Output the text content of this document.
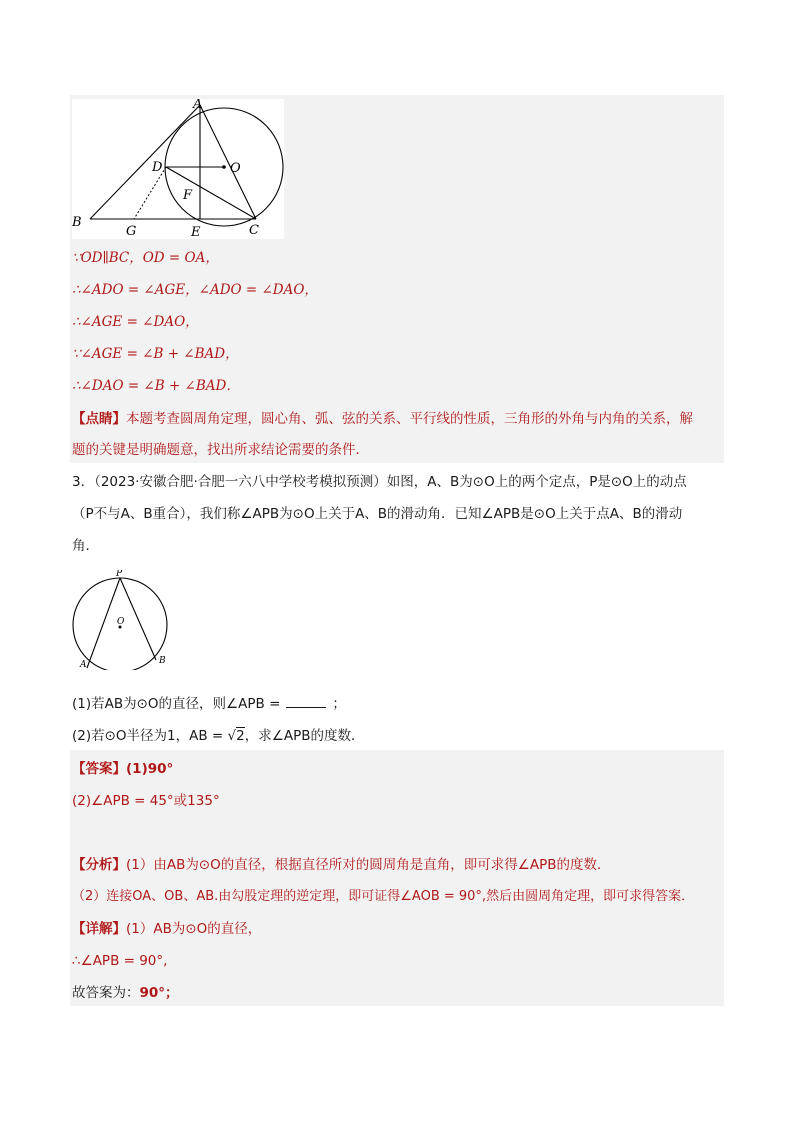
A
D	O
F
B
G	E	C
∵OD∥BC，OD = OA，
∴∠ADO = ∠AGE，∠ADO = ∠DAO，
∴∠AGE = ∠DAO，
∵∠AGE = ∠B + ∠BAD，
∴∠DAO = ∠B + ∠BAD．
【点睛】本题考查圆周角定理，圆心角、弧、弦的关系、平行线的性质，三角形的外角与内角的关系，解
题的关键是明确题意，找出所求结论需要的条件．
3．（2023·安徽合肥·合肥一六八中学校考模拟预测）如图，A、B为⊙O上的两个定点，P是⊙O上的动点
（P不与A、B重合），我们称∠APB为⊙O上关于A、B的滑动角．已知∠APB是⊙O上关于点A、B的滑动
角．
P
O
A	B
(1)若AB为⊙O的直径，则∠APB =	；
(2)若⊙O半径为1，AB = √2，求∠APB的度数．
【答案】(1)90°
(2)∠APB = 45°或135°
【分析】(1）由AB为⊙O的直径，根据直径所对的圆周角是直角，即可求得∠APB的度数．
（2）连接OA、OB、AB.由勾股定理的逆定理，即可证得∠AOB = 90°,然后由圆周角定理，即可求得答案．
【详解】(1）AB为⊙O的直径，
∴∠APB = 90°,
故答案为：90°；
